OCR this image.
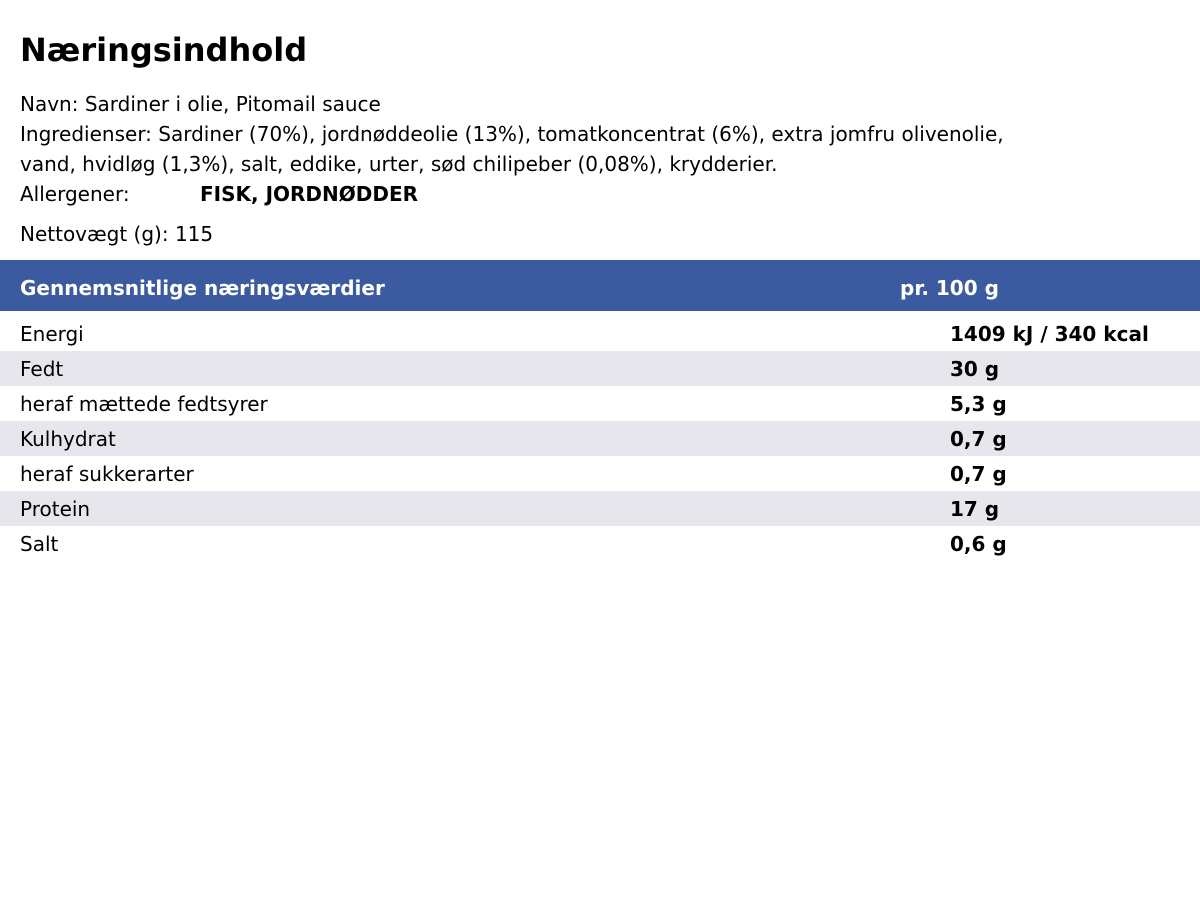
Næringsindhold
Navn: Sardiner i olie, Pitomail sauce
Ingredienser: Sardiner (70%), jordnøddeolie (13%), tomatkoncentrat (6%), extra jomfru olivenolie,
vand, hvidløg (1,3%), salt, eddike, urter, sød chilipeber (0,08%), krydderier.
Allergener:	FISK, JORDNØDDER
Nettovægt (g): 115
Gennemsnitlige næringsværdier	pr. 100 g
Energi	1409 kJ / 340 kcal
Fedt	30 g
heraf mættede fedtsyrer	5,3 g
Kulhydrat	0,7 g
heraf sukkerarter	0,7 g
Protein	17 g
Salt	0,6 g
